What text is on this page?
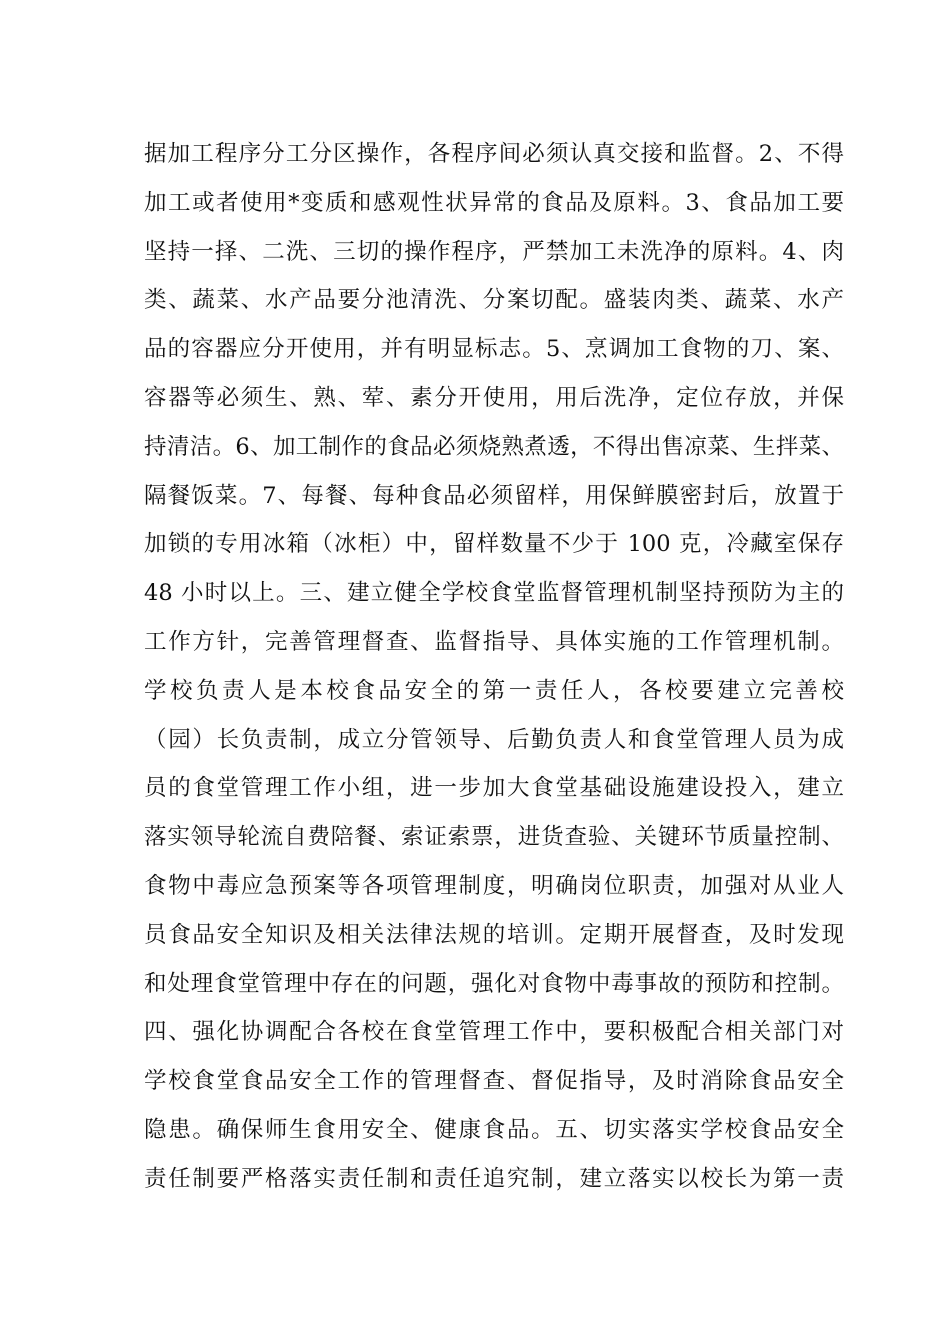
据加工程序分工分区操作，各程序间必须认真交接和监督。2、不得
加工或者使用*变质和感观性状异常的食品及原料。3、食品加工要
坚持一择、二洗、三切的操作程序，严禁加工未洗净的原料。4、肉
类、蔬菜、水产品要分池清洗、分案切配。盛装肉类、蔬菜、水产
品的容器应分开使用，并有明显标志。5、烹调加工食物的刀、案、
容器等必须生、熟、荤、素分开使用，用后洗净，定位存放，并保
持清洁。6、加工制作的食品必须烧熟煮透，不得出售凉菜、生拌菜、
隔餐饭菜。7、每餐、每种食品必须留样，用保鲜膜密封后，放置于
加锁的专用冰箱（冰柜）中，留样数量不少于 100 克，冷藏室保存
48 小时以上。三、建立健全学校食堂监督管理机制坚持预防为主的
工作方针，完善管理督查、监督指导、具体实施的工作管理机制。
学校负责人是本校食品安全的第一责任人，各校要建立完善校
（园）长负责制，成立分管领导、后勤负责人和食堂管理人员为成
员的食堂管理工作小组，进一步加大食堂基础设施建设投入，建立
落实领导轮流自费陪餐、索证索票，进货查验、关键环节质量控制、
食物中毒应急预案等各项管理制度，明确岗位职责，加强对从业人
员食品安全知识及相关法律法规的培训。定期开展督查，及时发现
和处理食堂管理中存在的问题，强化对食物中毒事故的预防和控制。
四、强化协调配合各校在食堂管理工作中，要积极配合相关部门对
学校食堂食品安全工作的管理督查、督促指导，及时消除食品安全
隐患。确保师生食用安全、健康食品。五、切实落实学校食品安全
责任制要严格落实责任制和责任追究制，建立落实以校长为第一责
